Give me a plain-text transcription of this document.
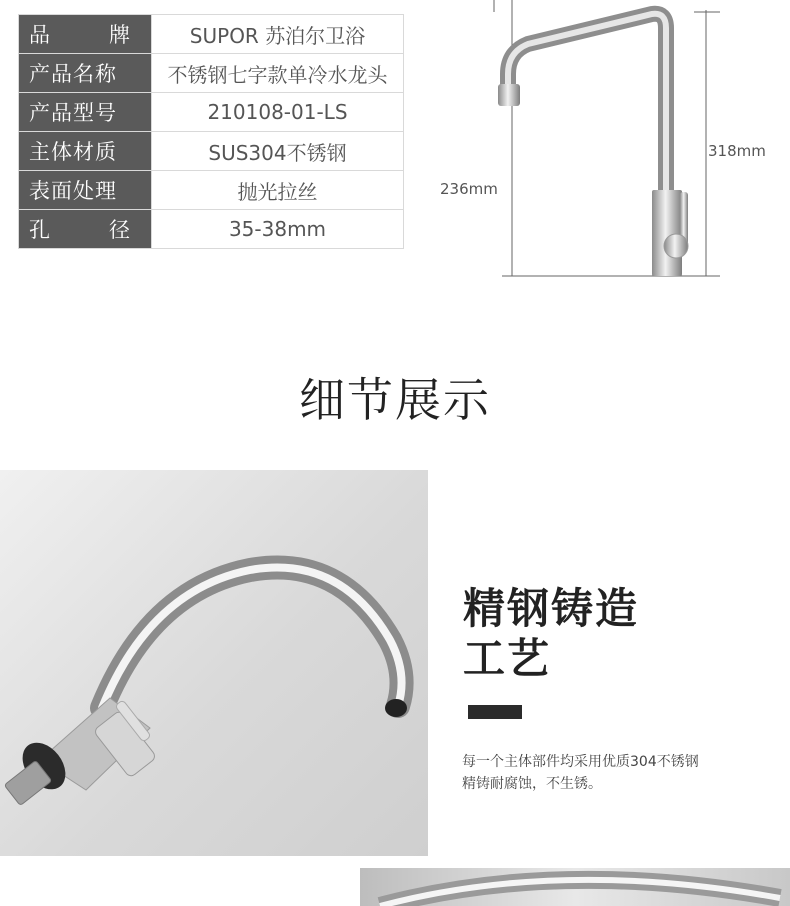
品 牌	SUPOR 苏泊尔卫浴

产品名称	不锈钢七字款单冷水龙头

产品型号	210108-01-LS

主体材质	SUS304不锈钢

表面处理	抛光拉丝

孔 径	35-38mm
236mm
318mm
细节展示
精钢铸造
工艺
每一个主体部件均采用优质304不锈钢
精铸耐腐蚀，不生锈。
